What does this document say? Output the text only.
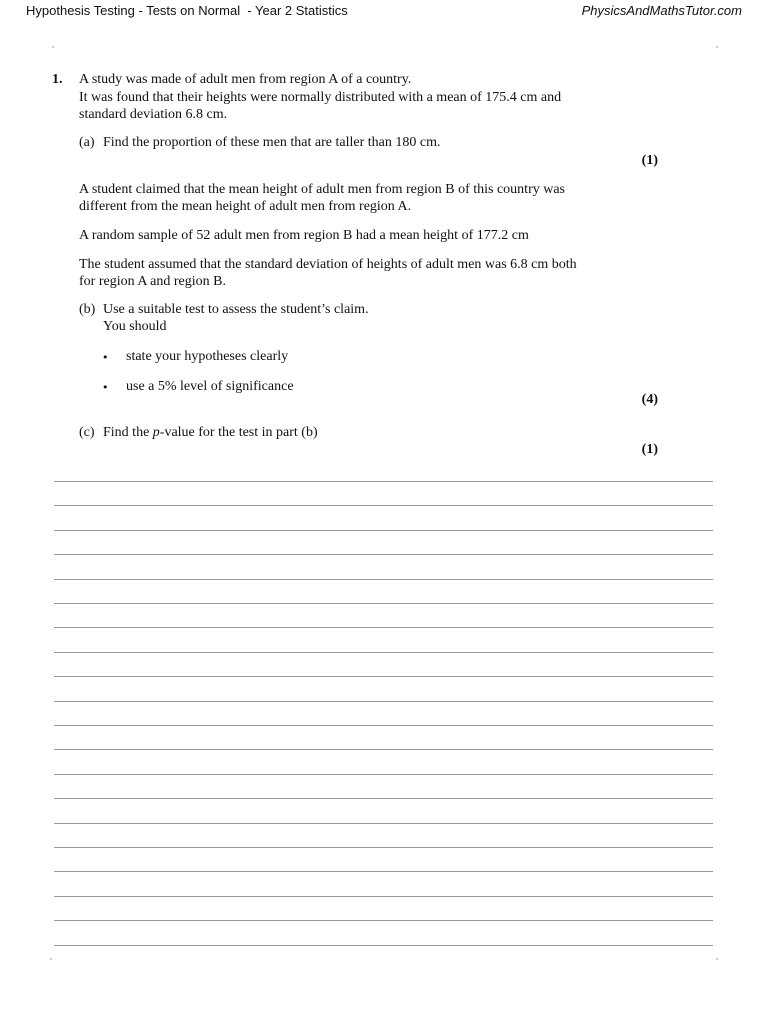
Hypothesis Testing - Tests on Normal  - Year 2 Statistics	PhysicsAndMathsTutor.com
1. A study was made of adult men from region A of a country.
It was found that their heights were normally distributed with a mean of 175.4 cm and
standard deviation 6.8 cm.
(a) Find the proportion of these men that are taller than 180 cm.
(1)
A student claimed that the mean height of adult men from region B of this country was
different from the mean height of adult men from region A.
A random sample of 52 adult men from region B had a mean height of 177.2 cm
The student assumed that the standard deviation of heights of adult men was 6.8 cm both
for region A and region B.
(b) Use a suitable test to assess the student’s claim.
You should
• state your hypotheses clearly
• use a 5% level of significance
(4)
(c) Find the p-value for the test in part (b)
(1)
